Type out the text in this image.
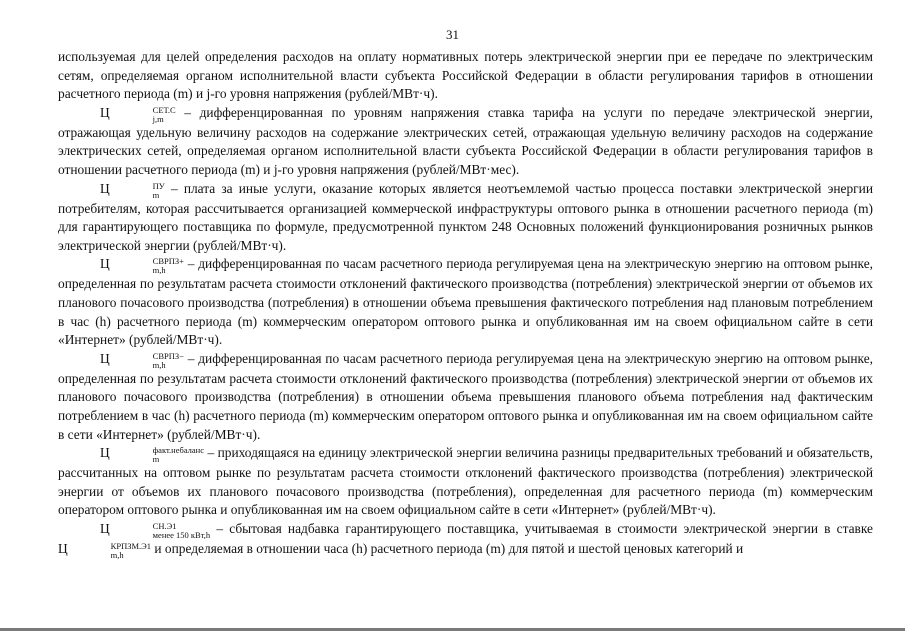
31

используемая для целей определения расходов на оплату нормативных потерь электрической энергии при ее передаче по электрическим сетям, определяемая органом исполнительной власти субъекта Российской Федерации в области регулирования тарифов в отношении расчетного периода (m) и j-го уровня напряжения (рублей/МВт·ч).

Ц	СЕТ.С
j,m	– дифференцированная по уровням напряжения ставка тарифа на услуги по передаче электрической энергии, отражающая удельную величину расходов на содержание электрических сетей, отражающая удельную величину расходов на содержание электрических сетей, определяемая органом исполнительной власти субъекта Российской Федерации в области регулирования тарифов в отношении расчетного периода (m) и j-го уровня напряжения (рублей/МВт·мес).

Ц	ПУ
m – плата за иные услуги, оказание которых является неотъемлемой частью процесса поставки электрической энергии потребителям, которая рассчитывается организацией коммерческой инфраструктуры оптового рынка в отношении расчетного периода (m) для гарантирующего поставщика по формуле, предусмотренной пунктом 248 Основных положений функционирования розничных рынков электрической энергии (рублей/МВт·ч).

Ц	СВРПЗ+
m,h	– дифференцированная по часам расчетного периода регулируемая цена на электрическую энергию на оптовом рынке, определенная по результатам расчета стоимости отклонений фактического производства (потребления) электрической энергии от объемов их планового почасового производства (потребления) в отношении объема превышения фактического потребления над плановым потреблением в час (h) расчетного периода (m) коммерческим оператором оптового рынка и опубликованная им на своем официальном сайте в сети «Интернет» (рублей/МВт·ч).

Ц	СВРПЗ−
m,h	– дифференцированная по часам расчетного периода регулируемая цена на электрическую энергию на оптовом рынке, определенная по результатам расчета стоимости отклонений фактического производства (потребления) электрической энергии от объемов их планового почасового производства (потребления) в отношении объема превышения планового объема потребления над фактическим потреблением в час (h) расчетного периода (m) коммерческим оператором оптового рынка и опубликованная им на своем официальном сайте в сети «Интернет» (рублей/МВт·ч).

Ц	факт.небаланс
m	– приходящаяся на единицу электрической энергии величина разницы предварительных требований и обязательств, рассчитанных на оптовом рынке по результатам расчета стоимости отклонений фактического производства (потребления) электрической энергии от объемов их планового почасового производства (потребления), определенная для расчетного периода (m) коммерческим оператором оптового рынка и опубликованная им на своем официальном сайте в сети «Интернет» (рублей/МВт·ч).

Ц	СН.Э1
менее 150 кВт,h – сбытовая надбавка гарантирующего поставщика, учитываемая в стоимости электрической энергии в ставке Ц	КРПЗМ.Э1
m,h	и определяемая в отношении часа (h) расчетного периода (m) для пятой и шестой ценовых категорий и
